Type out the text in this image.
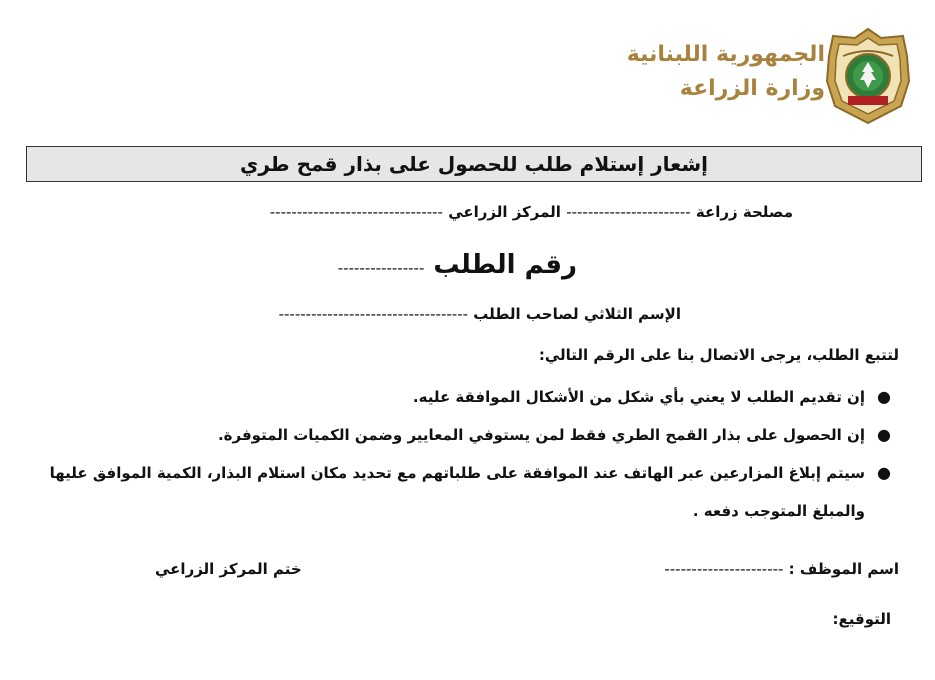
الجمهورية اللبنانية
وزارة الزراعة
إشعار إستلام طلب للحصول على بذار قمح طري
مصلحة زراعة ----------------------- المركز الزراعي --------------------------------
رقم الطلب ----------------
الإسم الثلاثي لصاحب الطلب -----------------------------------
لتتبع الطلب، يرجى الاتصال بنا على الرقم التالي:
●
إن تقديم الطلب لا يعني بأي شكل من الأشكال الموافقة عليه.
●
إن الحصول على بذار القمح الطري فقط لمن يستوفي المعايير وضمن الكميات المتوفرة.
●
سيتم إبلاغ المزارعين عبر الهاتف عند الموافقة على طلباتهم مع تحديد مكان استلام البذار، الكمية الموافق عليها والمبلغ المتوجب دفعه .
اسم الموظف : ----------------------
ختم المركز الزراعي
التوقيع:
